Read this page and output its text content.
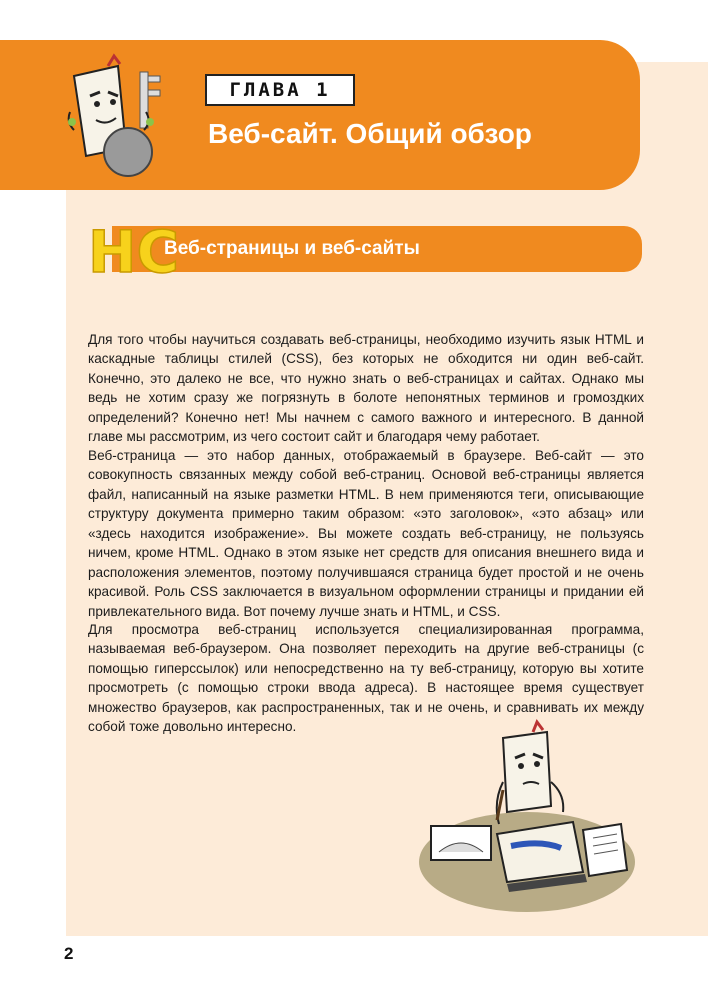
ГЛАВА 1
Веб-сайт. Общий обзор
HC
Веб-страницы и веб-сайты

Для того чтобы научиться создавать веб-страницы, необходимо изучить язык HTML и каскадные таблицы стилей (CSS), без которых не обходится ни один веб-сайт. Конечно, это далеко не все, что нужно знать о веб-страницах и сайтах. Однако мы ведь не хотим сразу же погрязнуть в болоте непонятных терминов и громоздких определений? Конечно нет! Мы начнем с самого важного и интересного. В данной главе мы рассмотрим, из чего состоит сайт и благодаря чему работает.

Веб-страница — это набор данных, отображаемый в браузере. Веб-сайт — это совокупность связанных между собой веб-страниц. Основой веб-страницы является файл, написанный на языке разметки HTML. В нем применяются теги, описывающие структуру документа примерно таким образом: «это заголовок», «это абзац» или «здесь находится изображение». Вы можете создать веб-страницу, не пользуясь ничем, кроме HTML. Однако в этом языке нет средств для описания внешнего вида и расположения элементов, поэтому получившаяся страница будет простой и не очень красивой. Роль CSS заключается в визуальном оформлении страницы и придании ей привлекательного вида. Вот почему лучше знать и HTML, и CSS.

Для просмотра веб-страниц используется специализированная программа, называемая веб-браузером. Она позволяет переходить на другие веб-страницы (с помощью гиперссылок) или непосредственно на ту веб-страницу, которую вы хотите просмотреть (с помощью строки ввода адреса). В настоящее время существует множество браузеров, как распространенных, так и не очень, и сравнивать их между собой тоже довольно интересно.

2
